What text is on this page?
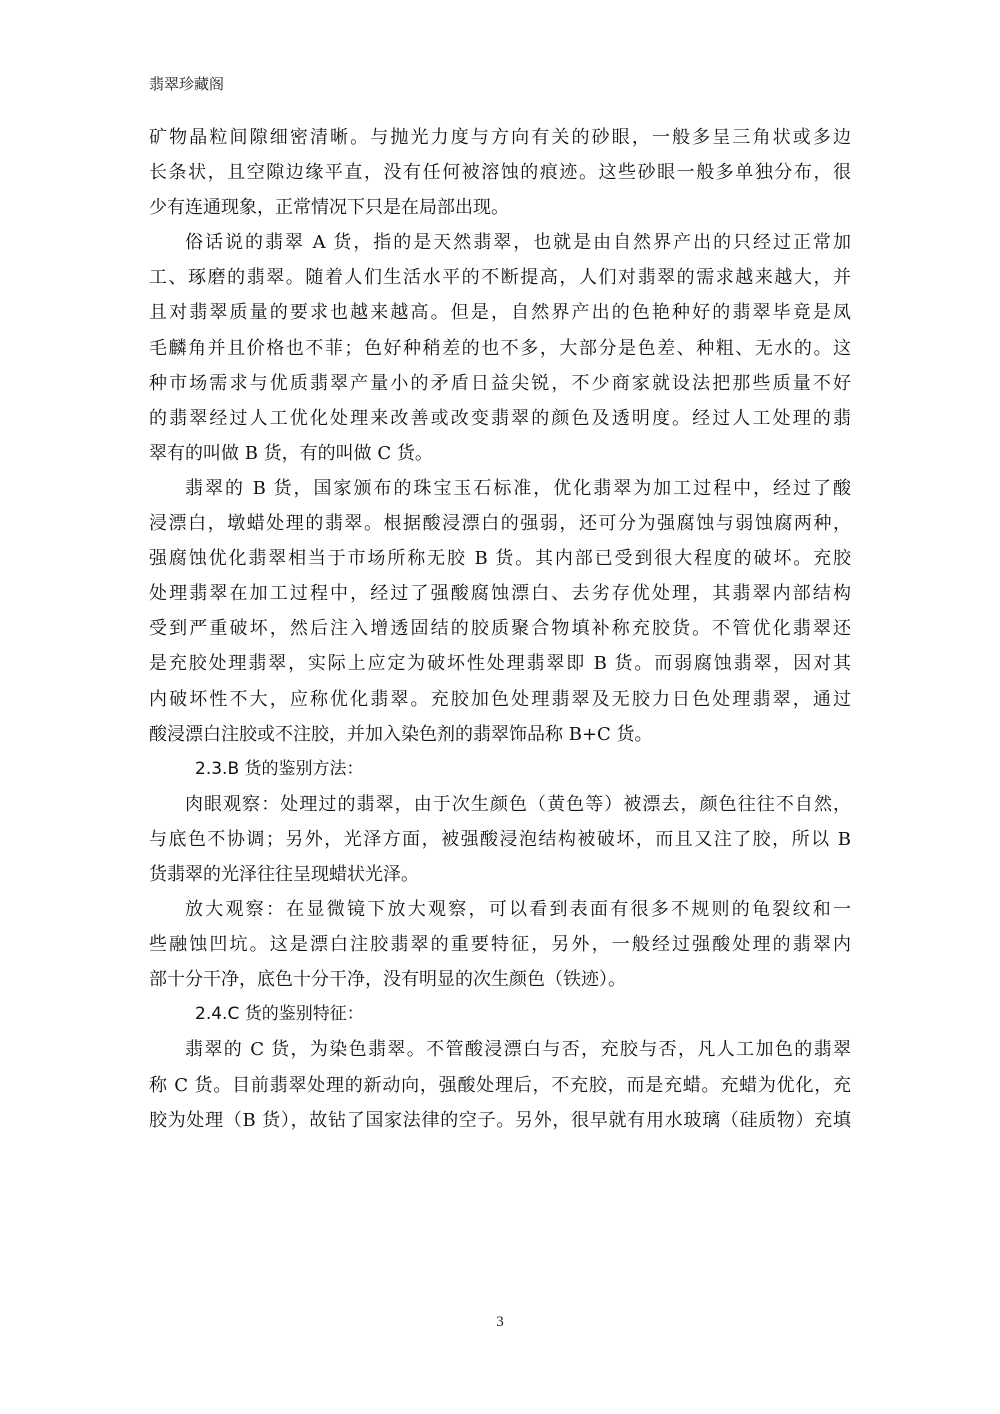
翡翠珍藏阁
矿物晶粒间隙细密清晰。与抛光力度与方向有关的砂眼，一般多呈三角状或多边
长条状，且空隙边缘平直，没有任何被溶蚀的痕迹。这些砂眼一般多单独分布，很
少有连通现象，正常情况下只是在局部出现。
俗话说的翡翠 A 货，指的是天然翡翠，也就是由自然界产出的只经过正常加
工、琢磨的翡翠。随着人们生活水平的不断提高，人们对翡翠的需求越来越大，并
且对翡翠质量的要求也越来越高。但是，自然界产出的色艳种好的翡翠毕竟是凤
毛麟角并且价格也不菲；色好种稍差的也不多，大部分是色差、种粗、无水的。这
种市场需求与优质翡翠产量小的矛盾日益尖锐，不少商家就设法把那些质量不好
的翡翠经过人工优化处理来改善或改变翡翠的颜色及透明度。经过人工处理的翡
翠有的叫做 B 货，有的叫做 C 货。
翡翠的 B 货，国家颁布的珠宝玉石标准，优化翡翠为加工过程中，经过了酸
浸漂白，墩蜡处理的翡翠。根据酸浸漂白的强弱，还可分为强腐蚀与弱蚀腐两种，
强腐蚀优化翡翠相当于市场所称无胶 B 货。其内部已受到很大程度的破坏。充胶
处理翡翠在加工过程中，经过了强酸腐蚀漂白、去劣存优处理，其翡翠内部结构
受到严重破坏，然后注入增透固结的胶质聚合物填补称充胶货。不管优化翡翠还
是充胶处理翡翠，实际上应定为破坏性处理翡翠即 B 货。而弱腐蚀翡翠，因对其
内破坏性不大，应称优化翡翠。充胶加色处理翡翠及无胶力日色处理翡翠，通过
酸浸漂白注胶或不注胶，并加入染色剂的翡翠饰品称 B+C 货。
2.3.B 货的鉴别方法：
肉眼观察：处理过的翡翠，由于次生颜色（黄色等）被漂去，颜色往往不自然，
与底色不协调；另外，光泽方面，被强酸浸泡结构被破坏，而且又注了胶，所以 B
货翡翠的光泽往往呈现蜡状光泽。
放大观察：在显微镜下放大观察，可以看到表面有很多不规则的龟裂纹和一
些融蚀凹坑。这是漂白注胶翡翠的重要特征，另外，一般经过强酸处理的翡翠内
部十分干净，底色十分干净，没有明显的次生颜色（铁迹）。
2.4.C 货的鉴别特征：
翡翠的 C 货，为染色翡翠。不管酸浸漂白与否，充胶与否，凡人工加色的翡翠
称 C 货。目前翡翠处理的新动向，强酸处理后，不充胶，而是充蜡。充蜡为优化，充
胶为处理（B 货），故钻了国家法律的空子。另外，很早就有用水玻璃（硅质物）充填
3
